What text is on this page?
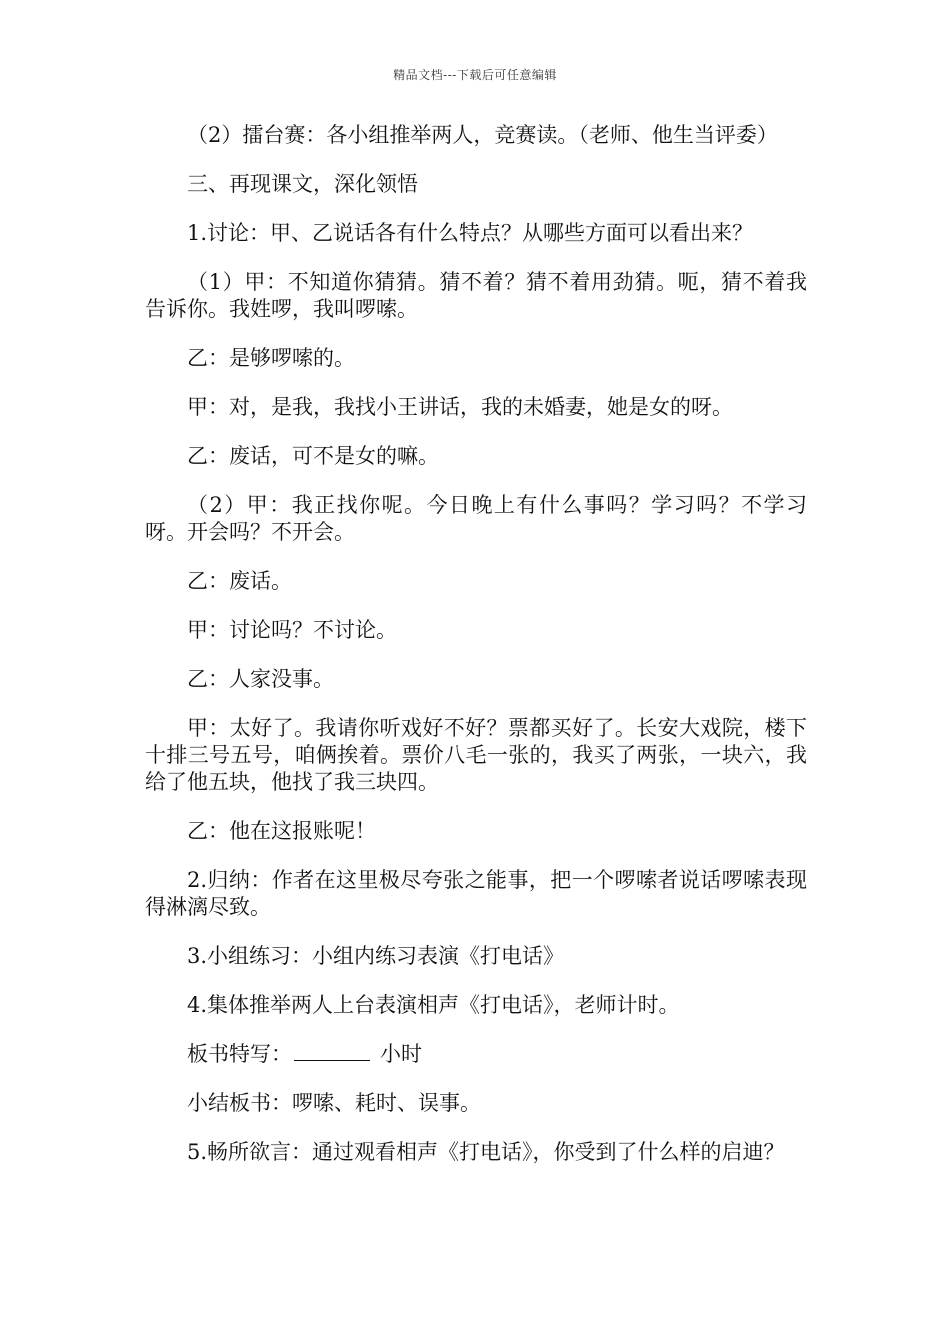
精品文档---下载后可任意编辑

（2）擂台赛：各小组推举两人，竞赛读。（老师、他生当评委）

三、再现课文，深化领悟

1.讨论：甲、乙说话各有什么特点？从哪些方面可以看出来？

（1）甲：不知道你猜猜。猜不着？猜不着用劲猜。呃，猜不着我告诉你。我姓啰，我叫啰嗦。

乙：是够啰嗦的。

甲：对，是我，我找小王讲话，我的未婚妻，她是女的呀。

乙：废话，可不是女的嘛。

（2）甲：我正找你呢。今日晚上有什么事吗？学习吗？不学习呀。开会吗？不开会。

乙：废话。

甲：讨论吗？不讨论。

乙：人家没事。

甲：太好了。我请你听戏好不好？票都买好了。长安大戏院，楼下十排三号五号，咱俩挨着。票价八毛一张的，我买了两张，一块六，我给了他五块，他找了我三块四。

乙：他在这报账呢！

2.归纳：作者在这里极尽夸张之能事，把一个啰嗦者说话啰嗦表现得淋漓尽致。

3.小组练习：小组内练习表演《打电话》

4.集体推举两人上台表演相声《打电话》，老师计时。

板书特写：	小时

小结板书：啰嗦、耗时、误事。

5.畅所欲言：通过观看相声《打电话》，你受到了什么样的启迪？
